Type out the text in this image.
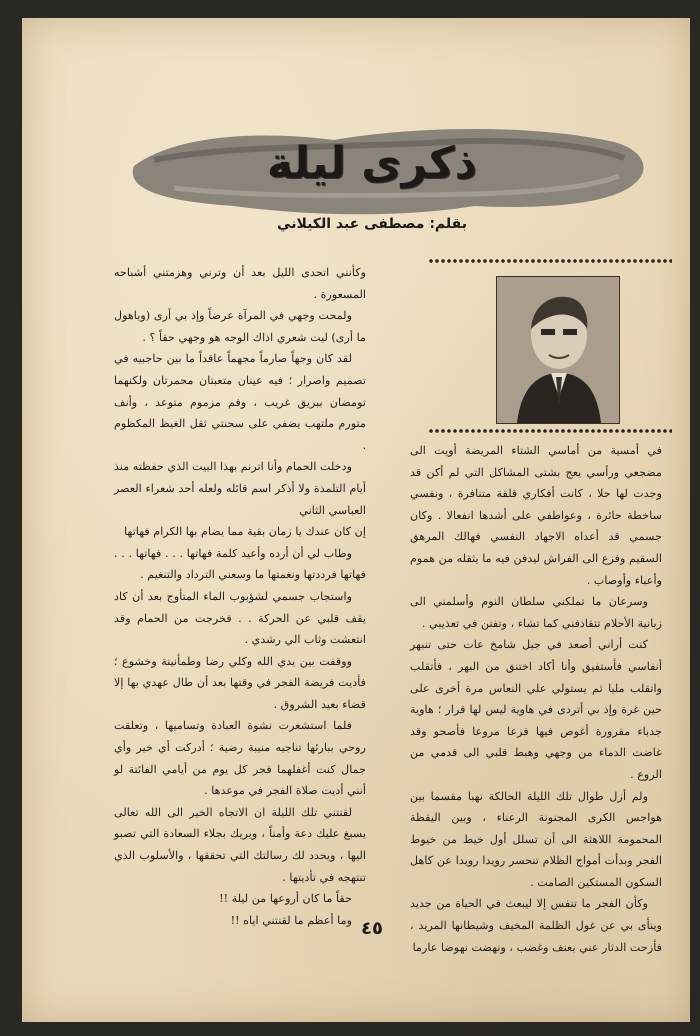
ذكرى ليلة
بقلم: مصطفى عبد الكيلاني

وكأنني اتحدى الليل بعد أن وترني وهزمتني أشباحه المسعورة .

ولمحت وجهي في المرآة عرضاً وإذ بي أرى (وياهول ما أرى) ليت شعري اذاك الوجه هو وجهي حقاً ؟ .

لقد كان وجهاً صارماً مجهماً عاقداً ما بين حاجبيه في تصميم واصرار ؛ فيه عينان متعبتان محمرتان ولكنهما تومضان ببريق غريب ، وفم مزموم متوعد ، وأنف متورم ملتهب يضفي على سحنتي ثقل الغيظ المكظوم .

ودخلت الحمام وأنا اترنم بهذا البيت الذي حفظته منذ أيام التلمذة ولا أذكر اسم قائله ولعله أحد شعراء العصر العباسي الثاني

إن كان عندك يا زمان بقية مما يضام بها الكرام فهاتها

وطاب لي أن أرده وأعيد كلمة فهاتها . . . فهاتها . . . فهاتها فرددتها ونغمتها ما وسعني الترداد والتنغيم .

واستجاب جسمي لشؤبوب الماء المتأوج بعد أن كاد يقف قلبي عن الحركة . . فخرجت من الحمام وقد انتعشت وثاب الي رشدي .

ووقفت بين يدي الله وكلي رضا وطمأنينة وخشوع ؛ فأديت فريضة الفجر في وقتها بعد أن طال عهدي بها إلا قضاء بعيد الشروق .

فلما استشعرت نشوة العبادة وتساميها ، وتعلقت روحي ببارئها تناجيه منيبة رضية ؛ أدركت أي خير وأي جمال كنت أغفلهما فجر كل يوم من أيامي الفائتة لو أنني أديت صلاة الفجر في موعدها .

لقنتني تلك الليلة ان الاتجاه الخير الى الله تعالى يسبغ عليك دعة وأمناً ، ويريك بجلاء السعادة التي تصبو اليها ، ويحدد لك رسالتك التي تحققها ، والأسلوب الذي تنتهجه في تأديتها .

حقاً ما كان أروعها من ليلة !!

وما أعظم ما لقنتني اياه !!

في أمسية من أماسي الشتاء المريضة أويت الى مضجعي ورأسي يعج بشتى المشاكل التي لم أكن قد وجدت لها حلا ، كانت أفكاري قلقة متنافرة ، ونفسي ساخطة حائرة ، وعواطفي على أشدها انفعالا . وكان جسمي قد أعداه الاجهاد النفسي فهالك المرهق السقيم وفزع الى الفراش ليدفن فيه ما يثقله من هموم وأعباء وأوصاب .

وسرعان ما تملكني سلطان النوم وأسلمني الى زبانية الأحلام تتقاذفني كما تشاء ، وتفتن في تعذيبي .

كنت أراني أصعد في جبل شامخ عات حتى تنبهر أنفاسي فأستفيق وأنا أكاد اختنق من البهر ، فأتقلب واتقلب مليا ثم يستولي علي النعاس مرة أخرى على حين غرة وإذ بي أتردى في هاوية ليس لها قرار ؛ هاوية جدباء مقرورة أغوص فيها فزعا مروعا فأصحو وقد غاضت الدماء من وجهي وهبط قلبي الى قدمي من الروع .

ولم أزل طوال تلك الليلة الحالكة نهبا مقسما بين هواجس الكرى المجنونة الرعناء ، وبين اليقظة المحمومة اللاهثة الى أن تسلل أول خيط من خيوط الفجر وبدأت أمواج الظلام تنحسر رويدا رويدا عن كاهل السكون المستكين الصامت .

وكأن الفجر ما تنفس إلا ليبعث في الحياة من جديد وينأى بي عن غول الظلمة المخيف وشيطانها المريد ، فأزحت الدثار عني بعنف وغضب ، ونهضت نهوضا عارما

٤٥
